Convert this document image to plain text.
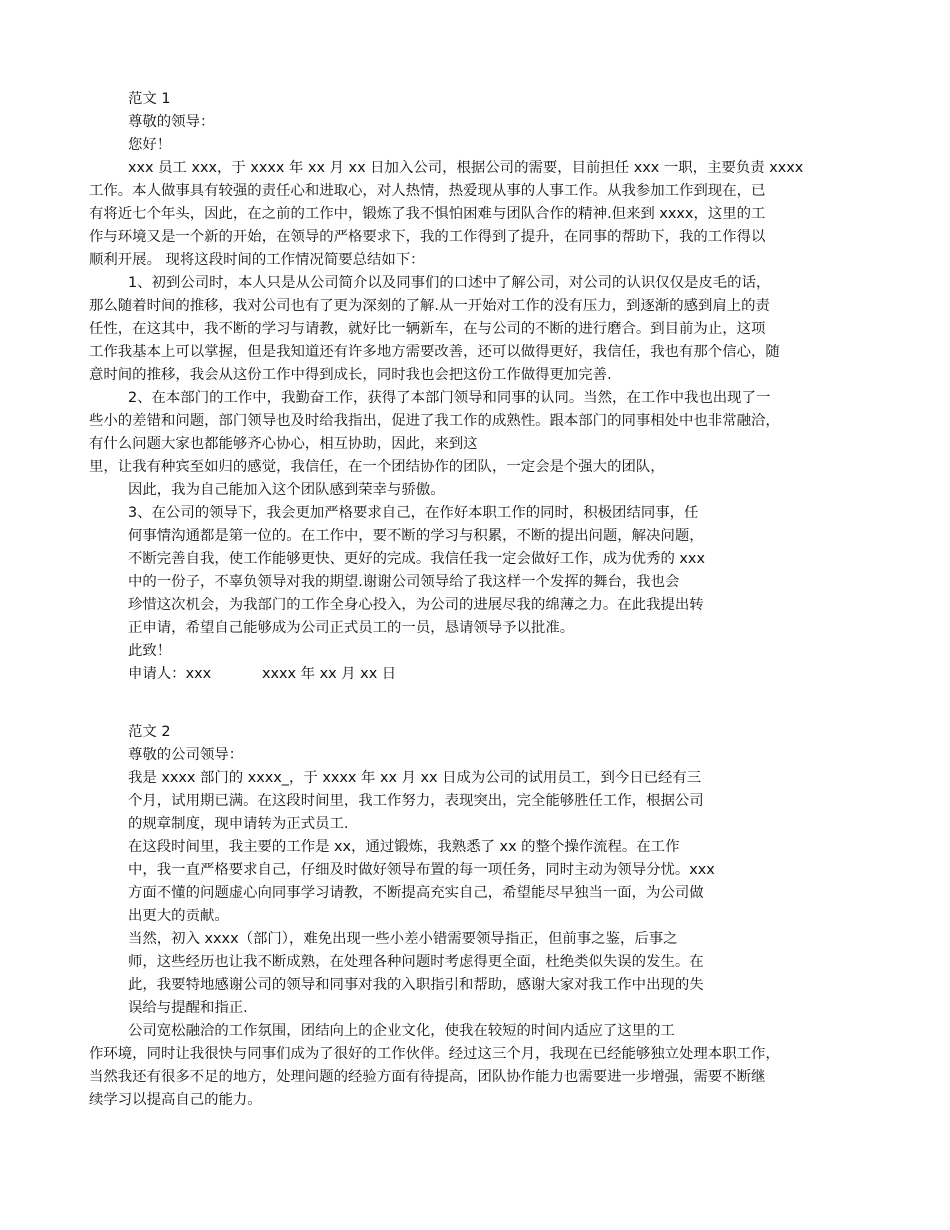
范文 1

尊敬的领导：

您好！

xxx 员工 xxx，于 xxxx 年 xx 月 xx 日加入公司，根据公司的需要，目前担任 xxx 一职，主要负责 xxxx

工作。本人做事具有较强的责任心和进取心，对人热情，热爱现从事的人事工作。从我参加工作到现在，已

有将近七个年头，因此，在之前的工作中，锻炼了我不惧怕困难与团队合作的精神.但来到 xxxx，这里的工

作与环境又是一个新的开始，在领导的严格要求下，我的工作得到了提升，在同事的帮助下，我的工作得以

顺利开展。 现将这段时间的工作情况简要总结如下：

1、初到公司时，本人只是从公司简介以及同事们的口述中了解公司，对公司的认识仅仅是皮毛的话，

那么随着时间的推移，我对公司也有了更为深刻的了解.从一开始对工作的没有压力，到逐渐的感到肩上的责

任性，在这其中，我不断的学习与请教，就好比一辆新车，在与公司的不断的进行磨合。到目前为止，这项

工作我基本上可以掌握，但是我知道还有许多地方需要改善，还可以做得更好，我信任，我也有那个信心，随

意时间的推移，我会从这份工作中得到成长，同时我也会把这份工作做得更加完善.

2、在本部门的工作中，我勤奋工作，获得了本部门领导和同事的认同。当然，在工作中我也出现了一

些小的差错和问题，部门领导也及时给我指出，促进了我工作的成熟性。跟本部门的同事相处中也非常融洽，

有什么问题大家也都能够齐心协心，相互协助，因此，来到这

里，让我有种宾至如归的感觉，我信任，在一个团结协作的团队，一定会是个强大的团队，

因此，我为自己能加入这个团队感到荣幸与骄傲。

3、在公司的领导下，我会更加严格要求自己，在作好本职工作的同时，积极团结同事，任

何事情沟通都是第一位的。在工作中，要不断的学习与积累，不断的提出问题，解决问题，

不断完善自我，使工作能够更快、更好的完成。我信任我一定会做好工作，成为优秀的 xxx

中的一份子，不辜负领导对我的期望.谢谢公司领导给了我这样一个发挥的舞台，我也会

珍惜这次机会，为我部门的工作全身心投入，为公司的进展尽我的绵薄之力。在此我提出转

正申请，希望自己能够成为公司正式员工的一员，恳请领导予以批准。

此致！

申请人：xxx	xxxx 年 xx 月 xx 日

范文 2

尊敬的公司领导：

我是 xxxx 部门的 xxxx_，于 xxxx 年 xx 月 xx 日成为公司的试用员工，到今日已经有三

个月，试用期已满。在这段时间里，我工作努力，表现突出，完全能够胜任工作，根据公司

的规章制度，现申请转为正式员工.

在这段时间里，我主要的工作是 xx，通过锻炼，我熟悉了 xx 的整个操作流程。在工作

中，我一直严格要求自己，仔细及时做好领导布置的每一项任务，同时主动为领导分忧。xxx

方面不懂的问题虚心向同事学习请教，不断提高充实自己，希望能尽早独当一面，为公司做

出更大的贡献。

当然，初入 xxxx（部门），难免出现一些小差小错需要领导指正，但前事之鉴，后事之

师，这些经历也让我不断成熟，在处理各种问题时考虑得更全面，杜绝类似失误的发生。在

此，我要特地感谢公司的领导和同事对我的入职指引和帮助，感谢大家对我工作中出现的失

误给与提醒和指正.

公司宽松融洽的工作氛围，团结向上的企业文化，使我在较短的时间内适应了这里的工

作环境，同时让我很快与同事们成为了很好的工作伙伴。经过这三个月，我现在已经能够独立处理本职工作，

当然我还有很多不足的地方，处理问题的经验方面有待提高，团队协作能力也需要进一步增强，需要不断继

续学习以提高自己的能力。
